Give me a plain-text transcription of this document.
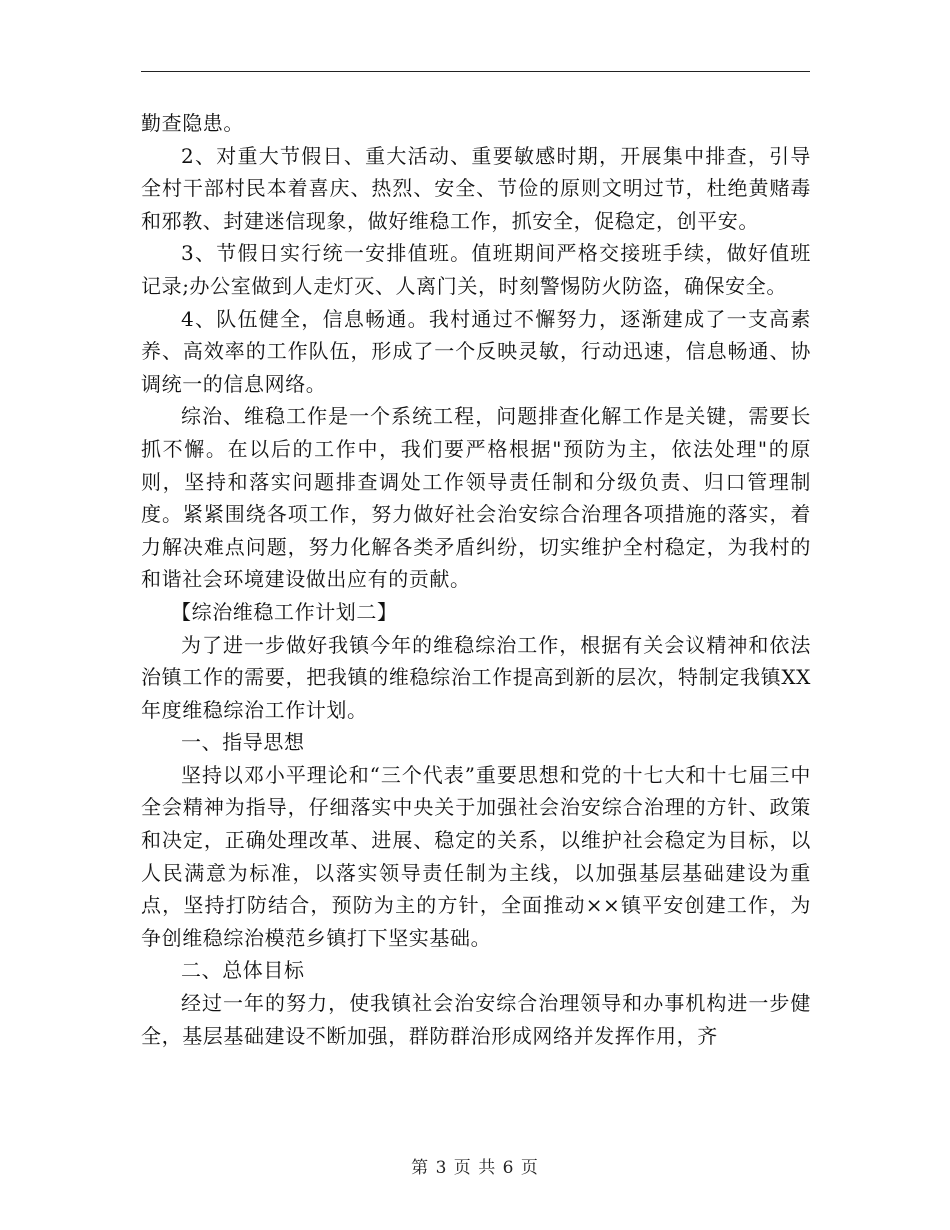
勤查隐患。

2、对重大节假日、重大活动、重要敏感时期，开展集中排查，引导全村干部村民本着喜庆、热烈、安全、节俭的原则文明过节，杜绝黄赌毒和邪教、封建迷信现象，做好维稳工作，抓安全，促稳定，创平安。

3、节假日实行统一安排值班。值班期间严格交接班手续，做好值班记录;办公室做到人走灯灭、人离门关，时刻警惕防火防盗，确保安全。

4、队伍健全，信息畅通。我村通过不懈努力，逐渐建成了一支高素养、高效率的工作队伍，形成了一个反映灵敏，行动迅速，信息畅通、协调统一的信息网络。

综治、维稳工作是一个系统工程，问题排查化解工作是关键，需要长抓不懈。在以后的工作中，我们要严格根据"预防为主，依法处理"的原则，坚持和落实问题排查调处工作领导责任制和分级负责、归口管理制度。紧紧围绕各项工作，努力做好社会治安综合治理各项措施的落实，着力解决难点问题，努力化解各类矛盾纠纷，切实维护全村稳定，为我村的和谐社会环境建设做出应有的贡献。

【综治维稳工作计划二】

为了进一步做好我镇今年的维稳综治工作，根据有关会议精神和依法治镇工作的需要，把我镇的维稳综治工作提高到新的层次，特制定我镇XX年度维稳综治工作计划。

一、指导思想

坚持以邓小平理论和“三个代表”重要思想和党的十七大和十七届三中全会精神为指导，仔细落实中央关于加强社会治安综合治理的方针、政策和决定，正确处理改革、进展、稳定的关系，以维护社会稳定为目标，以人民满意为标准，以落实领导责任制为主线，以加强基层基础建设为重点，坚持打防结合，预防为主的方针，全面推动××镇平安创建工作，为争创维稳综治模范乡镇打下坚实基础。

二、总体目标

经过一年的努力，使我镇社会治安综合治理领导和办事机构进一步健全，基层基础建设不断加强，群防群治形成网络并发挥作用，齐

第 3 页 共 6 页
